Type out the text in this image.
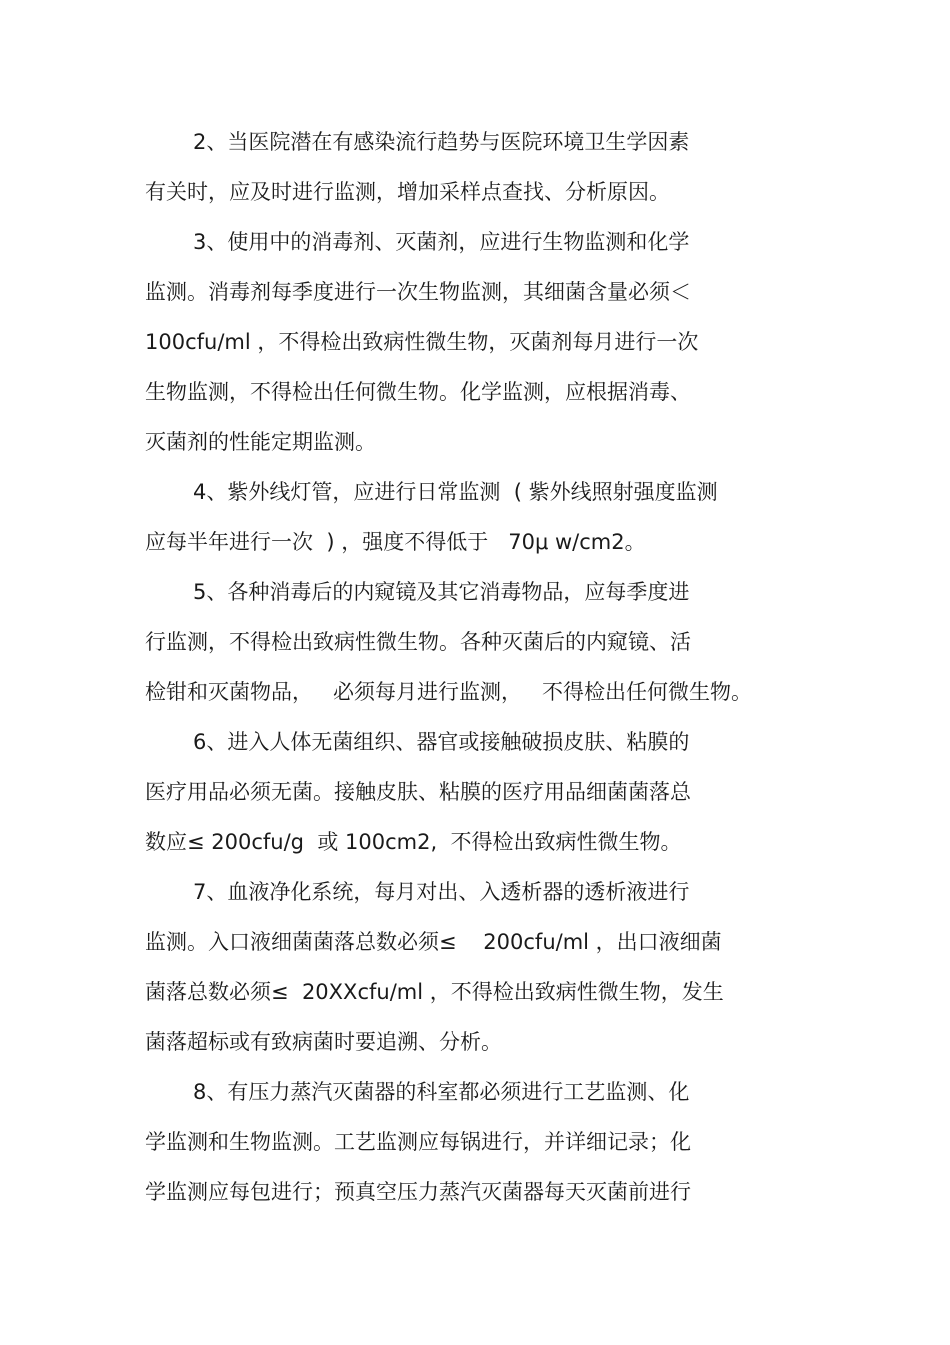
2、当医院潜在有感染流行趋势与医院环境卫生学因素
有关时，应及时进行监测，增加采样点查找、分析原因。
3、使用中的消毒剂、灭菌剂，应进行生物监测和化学
监测。消毒剂每季度进行一次生物监测，其细菌含量必须＜
100cfu/ml ，不得检出致病性微生物，灭菌剂每月进行一次
生物监测，不得检出任何微生物。化学监测，应根据消毒、
灭菌剂的性能定期监测。
4、紫外线灯管，应进行日常监测  ( 紫外线照射强度监测
应每半年进行一次  ) ，强度不得低于   70μ w/cm2。
5、各种消毒后的内窥镜及其它消毒物品，应每季度进
行监测，不得检出致病性微生物。各种灭菌后的内窥镜、活
检钳和灭菌物品，   必须每月进行监测，   不得检出任何微生物。
6、进入人体无菌组织、器官或接触破损皮肤、粘膜的
医疗用品必须无菌。接触皮肤、粘膜的医疗用品细菌菌落总
数应≤ 200cfu/g  或 100cm2,  不得检出致病性微生物。
7、血液净化系统，每月对出、入透析器的透析液进行
监测。入口液细菌菌落总数必须≤    200cfu/ml ，出口液细菌
菌落总数必须≤  20XXcfu/ml ，不得检出致病性微生物，发生
菌落超标或有致病菌时要追溯、分析。
8、有压力蒸汽灭菌器的科室都必须进行工艺监测、化
学监测和生物监测。工艺监测应每锅进行，并详细记录；化
学监测应每包进行；预真空压力蒸汽灭菌器每天灭菌前进行
